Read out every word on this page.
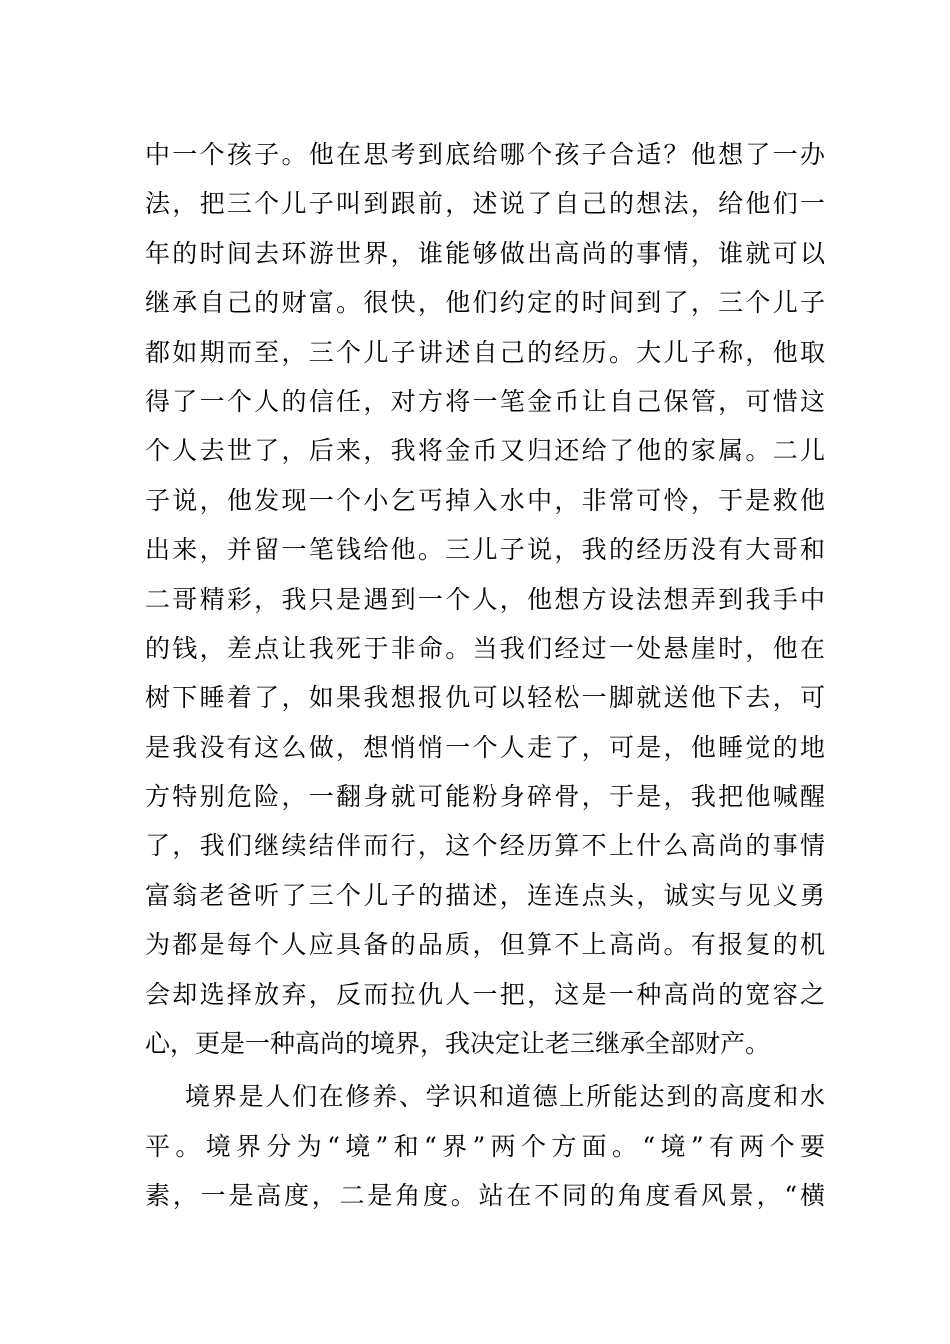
中一个孩子。他在思考到底给哪个孩子合适？他想了一办
法，把三个儿子叫到跟前，述说了自己的想法，给他们一
年的时间去环游世界，谁能够做出高尚的事情，谁就可以
继承自己的财富。很快，他们约定的时间到了，三个儿子
都如期而至，三个儿子讲述自己的经历。大儿子称，他取
得了一个人的信任，对方将一笔金币让自己保管，可惜这
个人去世了，后来，我将金币又归还给了他的家属。二儿
子说，他发现一个小乞丐掉入水中，非常可怜，于是救他
出来，并留一笔钱给他。三儿子说，我的经历没有大哥和
二哥精彩，我只是遇到一个人，他想方设法想弄到我手中
的钱，差点让我死于非命。当我们经过一处悬崖时，他在
树下睡着了，如果我想报仇可以轻松一脚就送他下去，可
是我没有这么做，想悄悄一个人走了，可是，他睡觉的地
方特别危险，一翻身就可能粉身碎骨，于是，我把他喊醒
了，我们继续结伴而行，这个经历算不上什么高尚的事情
富翁老爸听了三个儿子的描述，连连点头，诚实与见义勇
为都是每个人应具备的品质，但算不上高尚。有报复的机
会却选择放弃，反而拉仇人一把，这是一种高尚的宽容之
心，更是一种高尚的境界，我决定让老三继承全部财产。
境界是人们在修养、学识和道德上所能达到的高度和水
平。境界分为“境”和“界”两个方面。“境”有两个要
素，一是高度，二是角度。站在不同的角度看风景，“横
